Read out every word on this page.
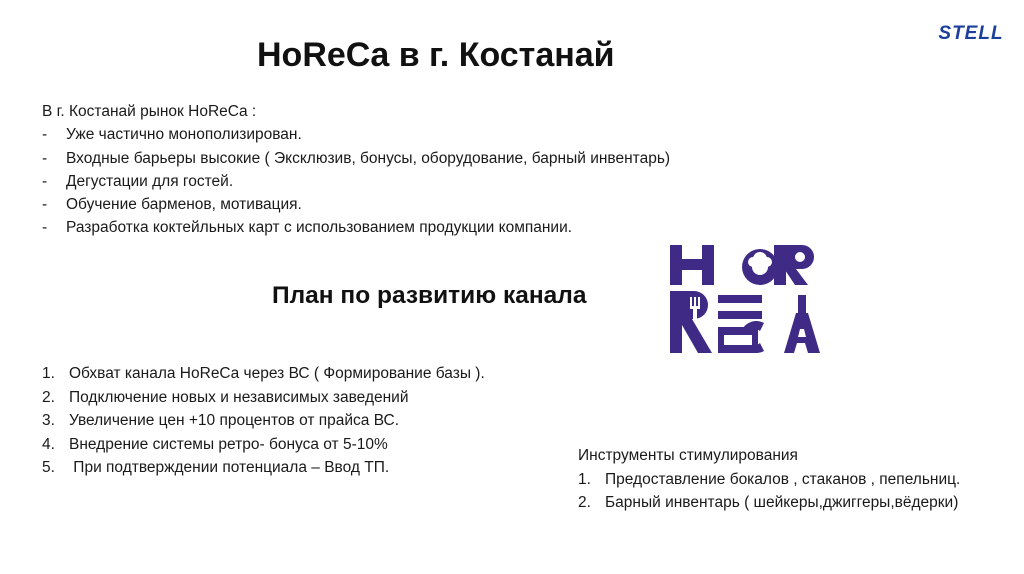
HoReCa в г. Костанай
STELL
В г. Костанай рынок HoReCa :
-	Уже частично монополизирован.
-	Входные барьеры высокие ( Эксклюзив, бонусы, оборудование, барный инвентарь)
-	Дегустации для гостей.
-	Обучение барменов, мотивация.
-	Разработка коктейльных карт с использованием продукции компании.
План по развитию канала
1. Обхват канала HoReCa через ВС ( Формирование базы ).
2. Подключение новых и независимых заведений
3. Увеличение цен +10 процентов от прайса ВС.
4. Внедрение системы ретро- бонуса от 5-10%
5. При подтверждении потенциала – Ввод ТП.
Инструменты стимулирования
1. Предоставление бокалов , стаканов , пепельниц.
2. Барный инвентарь ( шейкеры,джиггеры,вёдерки)
